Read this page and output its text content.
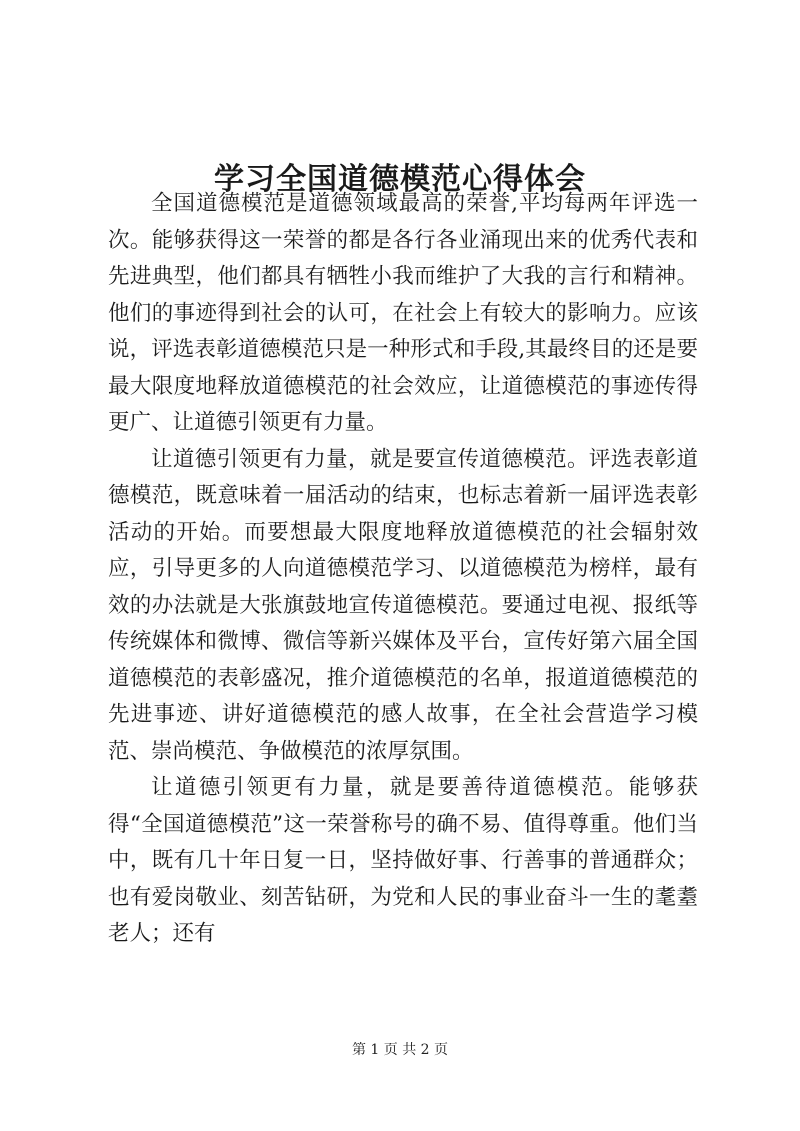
学习全国道德模范心得体会

全国道德模范是道德领域最高的荣誉,平均每两年评选一次。能够获得这一荣誉的都是各行各业涌现出来的优秀代表和先进典型，他们都具有牺牲小我而维护了大我的言行和精神。他们的事迹得到社会的认可，在社会上有较大的影响力。应该说，评选表彰道德模范只是一种形式和手段,其最终目的还是要最大限度地释放道德模范的社会效应，让道德模范的事迹传得更广、让道德引领更有力量。

让道德引领更有力量，就是要宣传道德模范。评选表彰道德模范，既意味着一届活动的结束，也标志着新一届评选表彰活动的开始。而要想最大限度地释放道德模范的社会辐射效应，引导更多的人向道德模范学习、以道德模范为榜样，最有效的办法就是大张旗鼓地宣传道德模范。要通过电视、报纸等传统媒体和微博、微信等新兴媒体及平台，宣传好第六届全国道德模范的表彰盛况，推介道德模范的名单，报道道德模范的先进事迹、讲好道德模范的感人故事，在全社会营造学习模范、崇尚模范、争做模范的浓厚氛围。

让道德引领更有力量，就是要善待道德模范。能够获得“全国道德模范”这一荣誉称号的确不易、值得尊重。他们当中，既有几十年日复一日，坚持做好事、行善事的普通群众；也有爱岗敬业、刻苦钻研，为党和人民的事业奋斗一生的耄耋老人；还有

第 1 页 共 2 页
